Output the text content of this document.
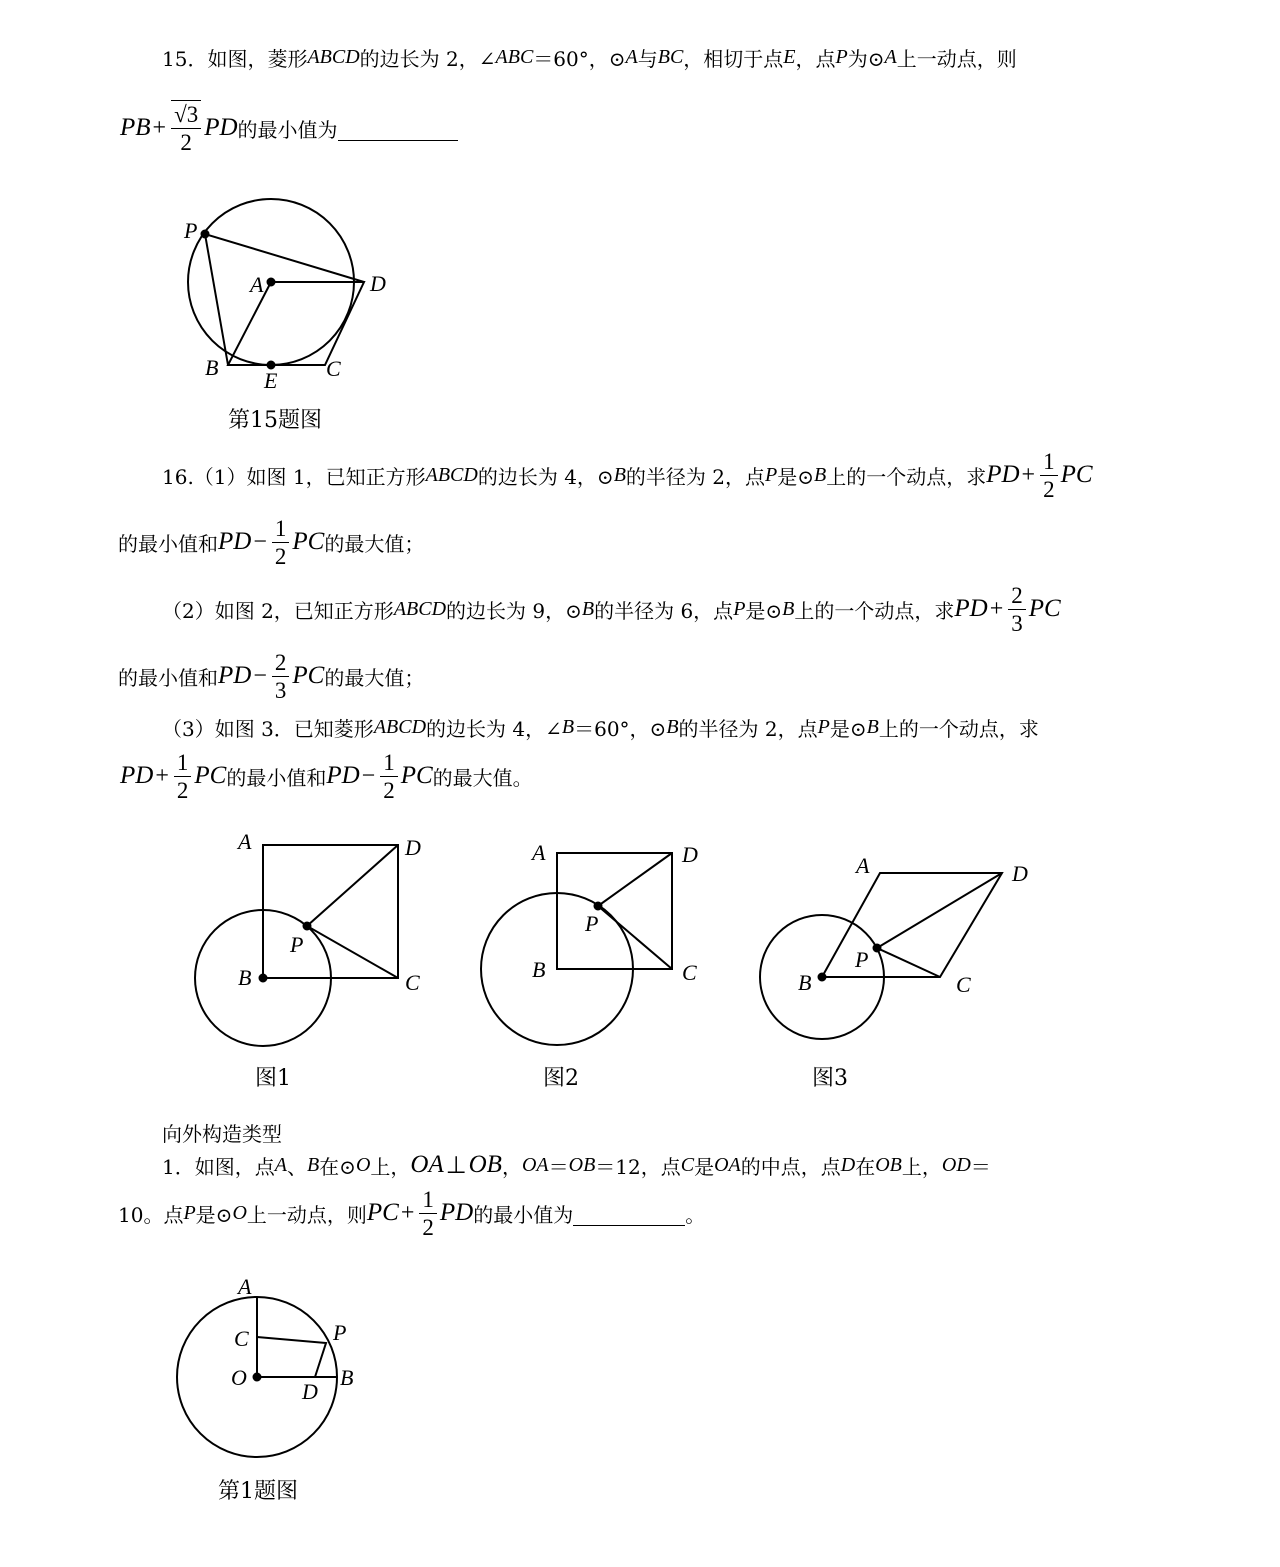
15．如图，菱形 ABCD 的边长为 2，∠ ABC ＝60°，⊙ A 与 BC ，相切于点 E ，点 P 为⊙ A 上一动点，则
PB + $\frac{√3}{2}$ PD 的最小值为
P
A	D
B
E C
A	D
P
B	C
A	D
P
B	C
A	D
P
B	C
A
C	P
O
D
B
第15题图
16.（1）如图 1，已知正方形 ABCD 的边长为 4，⊙ B 的半径为 2，点 P 是⊙ B 上的一个动点，求 PD + $\frac{1}{2}$ PC
的最小值和 PD − $\frac{1}{2}$ PC 的最大值；
（2）如图 2，已知正方形 ABCD 的边长为 9，⊙ B 的半径为 6，点 P 是⊙ B 上的一个动点，求 PD + $\frac{2}{3}$ PC
的最小值和 PD − $\frac{2}{3}$ PC 的最大值；
（3）如图 3．已知菱形 ABCD 的边长为 4，∠ B ＝60°，⊙ B 的半径为 2，点 P 是⊙ B 上的一个动点，求
PD + $\frac{1}{2}$ PC 的最小值和 PD − $\frac{1}{2}$ PC 的最大值。
图1	图2	图3
向外构造类型
1．如图，点 A 、 B 在⊙ O 上， OA ⊥ OB ， OA ＝ OB ＝12，点 C 是 OA 的中点，点 D 在 OB 上， OD ＝
10。点 P 是⊙ O 上一动点，则 PC + $\frac{1}{2}$ PD 的最小值为	。
第1题图
